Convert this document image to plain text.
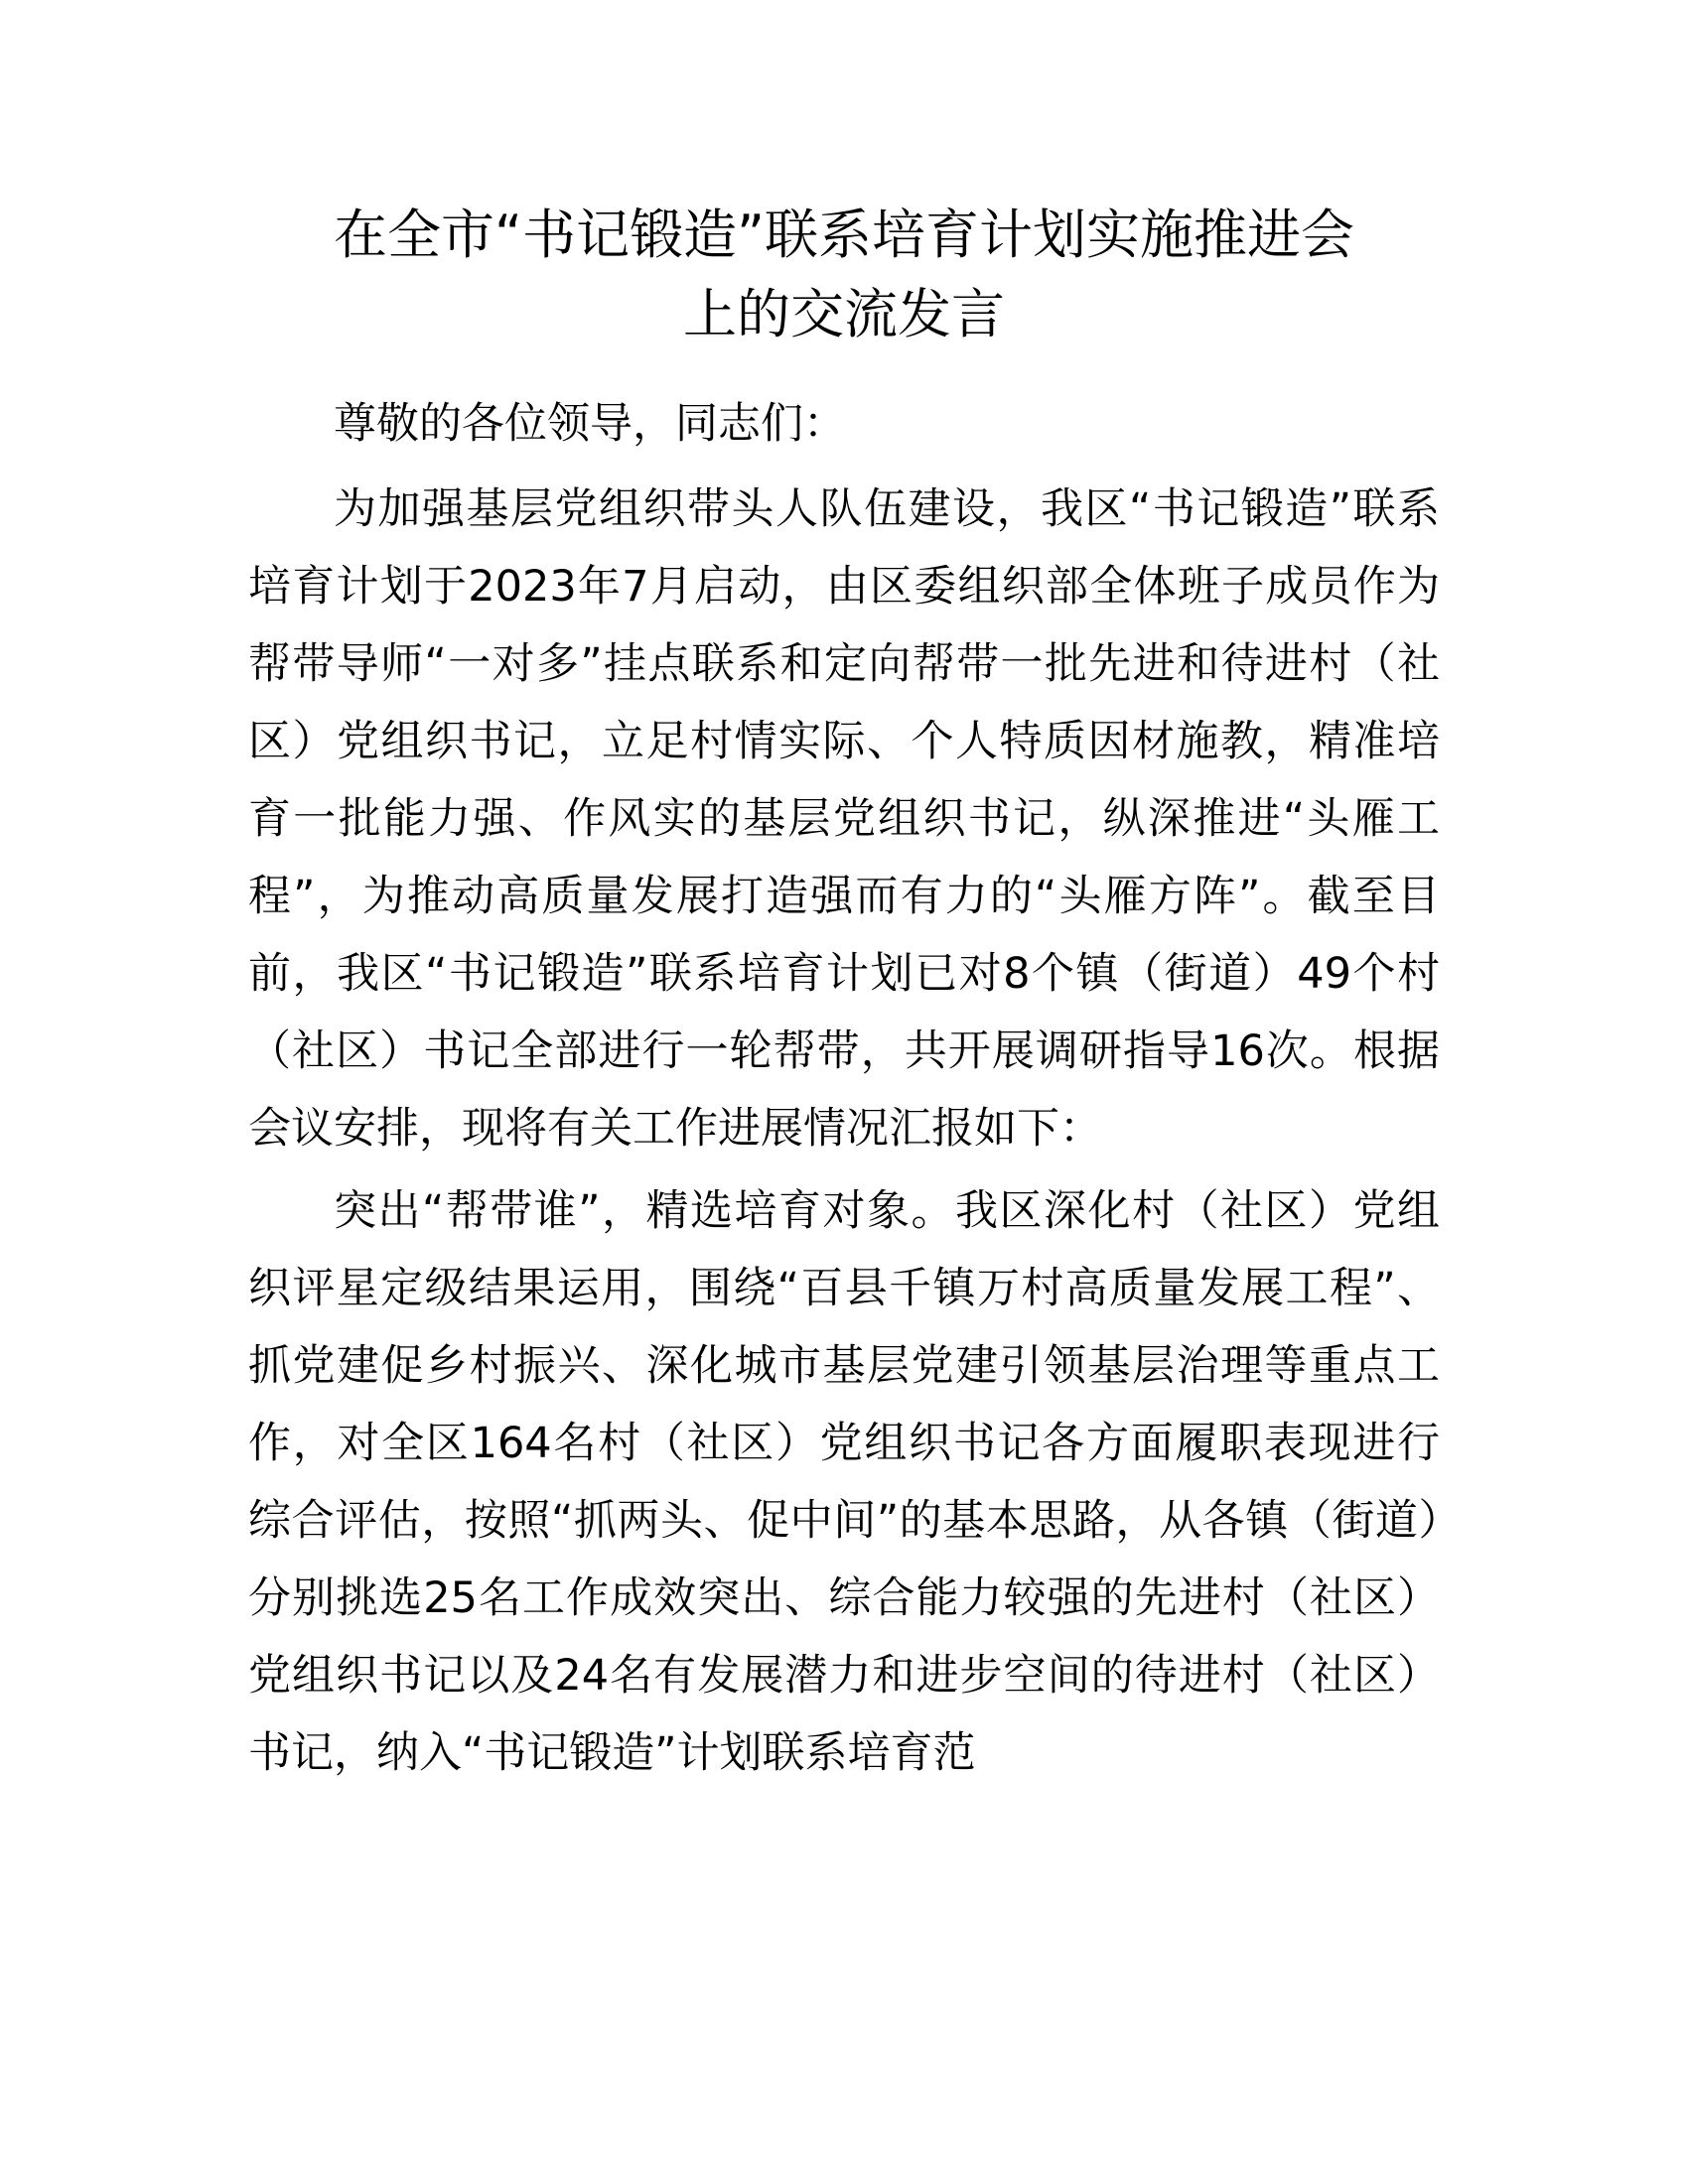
在全市“书记锻造”联系培育计划实施推进会
上的交流发言

尊敬的各位领导，同志们：

为加强基层党组织带头人队伍建设，我区“书记锻造”联系培育计划于2023年7月启动，由区委组织部全体班子成员作为帮带导师“一对多”挂点联系和定向帮带一批先进和待进村（社区）党组织书记，立足村情实际、个人特质因材施教，精准培育一批能力强、作风实的基层党组织书记，纵深推进“头雁工程”，为推动高质量发展打造强而有力的“头雁方阵”。截至目前，我区“书记锻造”联系培育计划已对8个镇（街道）49个村（社区）书记全部进行一轮帮带，共开展调研指导16次。根据会议安排，现将有关工作进展情况汇报如下：

突出“帮带谁”，精选培育对象。我区深化村（社区）党组织评星定级结果运用，围绕“百县千镇万村高质量发展工程”、抓党建促乡村振兴、深化城市基层党建引领基层治理等重点工作，对全区164名村（社区）党组织书记各方面履职表现进行综合评估，按照“抓两头、促中间”的基本思路，从各镇（街道）分别挑选25名工作成效突出、综合能力较强的先进村（社区）党组织书记以及24名有发展潜力和进步空间的待进村（社区）书记，纳入“书记锻造”计划联系培育范
